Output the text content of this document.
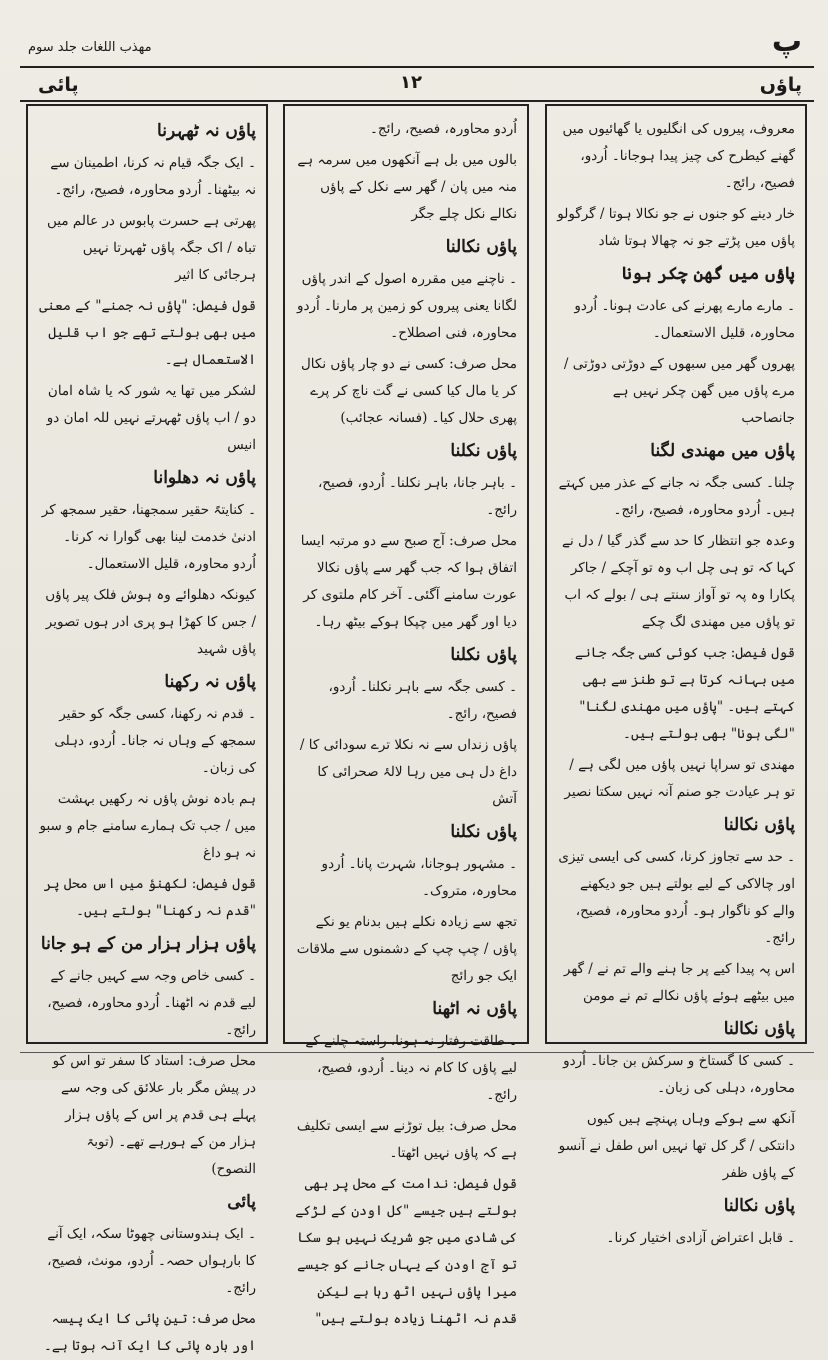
مھذب اللغات جلد سوم	پ
پائی	۱۲	پاؤں

معروف، پیروں کی انگلیوں یا گھائیوں میں گھنے کیطرح کی چیز پیدا ہوجانا۔ اُردو، فصیح، رائج۔

خار دینے کو جنوں نے جو نکالا ہوتا / گرگولو پاؤں میں پڑتے جو نہ چھالا ہوتا شاد

پاؤں میں گھن چکر ہونا

۔ مارے مارے پھرنے کی عادت ہونا۔ اُردو محاورہ، قلیل الاستعمال۔

پھروں گھر میں سبھوں کے دوڑتی دوڑتی / مرے پاؤں میں گھن چکر نہیں ہے جانصاحب

پاؤں میں مھندی لگنا

چلنا۔ کسی جگہ نہ جانے کے عذر میں کہتے ہیں۔ اُردو محاورہ، فصیح، رائج۔

وعدہ جو انتظار کا حد سے گذر گیا / دل نے کہا کہ تو ہی چل اب وہ تو آچکے / جاکر پکارا وہ پہ تو آواز سنتے ہی / بولے کہ اب تو پاؤں میں مھندی لگ چکے

قول فیصل: جب کوئی کسی جگہ جانے میں بہانہ کرتا ہے تو طنز سے بھی کہتے ہیں۔ "پاؤں میں مھندی لگنا" "لگی ہونا" بھی بولتے ہیں۔

مھندی تو سراپا نہیں پاؤں میں لگی ہے / تو ہر عیادت جو صنم آنہ نہیں سکتا نصیر

پاؤں نکالنا

۔ حد سے تجاوز کرنا، کسی کی ایسی تیزی اور چالاکی کے لیے بولتے ہیں جو دیکھنے والے کو ناگوار ہو۔ اُردو محاورہ، فصیح، رائج۔

اس پہ پیدا کیے پر جا ہنے والے تم نے / گھر میں بیٹھے ہوئے پاؤں نکالے تم نے مومن

پاؤں نکالنا

۔ کسی کا گستاخ و سرکش بن جانا۔ اُردو محاورہ، دہلی کی زبان۔

آنکھ سے ہوکے وہاں پہنچے ہیں کیوں دانتکی / گر کل تھا نہیں اس طفل نے آنسو کے پاؤں ظفر

پاؤں نکالنا

۔ قابل اعتراض آزادی اختیار کرنا۔

اُردو محاورہ، فصیح، رائج۔

بالوں میں بل ہے آنکھوں میں سرمہ ہے منہ میں پان / گھر سے نکل کے پاؤں نکالے نکل چلے جگر

پاؤں نکالنا

۔ ناچنے میں مقررہ اصول کے اندر پاؤں لگانا یعنی پیروں کو زمین پر مارنا۔ اُردو محاورہ، فنی اصطلاح۔

محل صرف: کسی نے دو چار پاؤں نکال کر یا مال کیا کسی نے گت ناچ کر پرے پھری حلال کیا۔ (فسانہ عجائب)

پاؤں نکلنا

۔ باہر جانا، باہر نکلنا۔ اُردو، فصیح، رائج۔

محل صرف: آج صبح سے دو مرتبہ ایسا اتفاق ہوا کہ جب گھر سے پاؤں نکالا عورت سامنے آگئی۔ آخر کام ملتوی کر دیا اور گھر میں چپکا ہوکے بیٹھ رہا۔

پاؤں نکلنا

۔ کسی جگہ سے باہر نکلنا۔ اُردو، فصیح، رائج۔

پاؤں زنداں سے نہ نکلا ترے سودائی کا / داغ دل ہی میں رہا لالۂ صحرائی کا آتش

پاؤں نکلنا

۔ مشہور ہوجانا، شہرت پانا۔ اُردو محاورہ، متروک۔

تجھ سے زیادہ نکلے ہیں بدنام یو نکے پاؤں / چپ چپ کے دشمنوں سے ملاقات ایک جو رائج

پاؤں نہ اٹھنا

۔ طاقت رفتار نہ ہونا، راستہ چلنے کے لیے پاؤں کا کام نہ دینا۔ اُردو، فصیح، رائج۔

محل صرف: بیل توڑنے سے ایسی تکلیف ہے کہ پاؤں نہیں اٹھتا۔

قول فیصل: ندامت کے محل پر بھی بولتے ہیں جیسے "کل اودن کے لڑکے کی شادی میں جو شریک نہیں ہو سکا تو آج اودن کے یہاں جانے کو جیسے میرا پاؤں نہیں اٹھ رہا ہے لیکن قدم نہ اٹھنا زیادہ بولتے ہیں"

پاؤں نہ ٹھہرنا

۔ ایک جگہ قیام نہ کرنا، اطمینان سے نہ بیٹھنا۔ اُردو محاورہ، فصیح، رائج۔

پھرتی ہے حسرت پابوس در عالم میں تباہ / اک جگہ پاؤں ٹھہرتا نہیں ہرجائی کا اثیر

قول فیصل: "پاؤں نہ جمنے" کے معنی میں بھی بولتے تھے جو اب قلیل الاستعمال ہے۔

لشکر میں تھا یہ شور کہ یا شاہ امان دو / اب پاؤں ٹھہرتے نہیں للہ امان دو انیس

پاؤں نہ دھلوانا

۔ کنایتہً حقیر سمجھنا، حقیر سمجھ کر ادنیٰ خدمت لینا بھی گوارا نہ کرنا۔ اُردو محاورہ، قلیل الاستعمال۔

کیونکہ دھلوائے وہ ہوش فلک پیر پاؤں / جس کا کھڑا ہو پری ادر ہوں تصویر پاؤں شہید

پاؤں نہ رکھنا

۔ قدم نہ رکھنا، کسی جگہ کو حقیر سمجھ کے وہاں نہ جانا۔ اُردو، دہلی کی زبان۔

ہم بادہ نوش پاؤں نہ رکھیں بہشت میں / جب تک ہمارے سامنے جام و سبو نہ ہو داغ

قول فیصل: لکھنؤ میں اس محل پر "قدم نہ رکھنا" بولتے ہیں۔

پاؤں ہزار ہزار من کے ہو جانا

۔ کسی خاص وجہ سے کہیں جانے کے لیے قدم نہ اٹھنا۔ اُردو محاورہ، فصیح، رائج۔

محل صرف: استاد کا سفر تو اس کو در پیش مگر بار علائق کی وجہ سے پہلے ہی قدم پر اس کے پاؤں ہزار ہزار من کے ہورہے تھے۔ (توبۃ النصوح)

پائی

۔ ایک ہندوستانی چھوٹا سکہ، ایک آنے کا بارہواں حصہ۔ اُردو، مونث، فصیح، رائج۔

محل صرف: تین پائی کا ایک پیسہ اور بارہ پائی کا ایک آنہ ہوتا ہے۔
